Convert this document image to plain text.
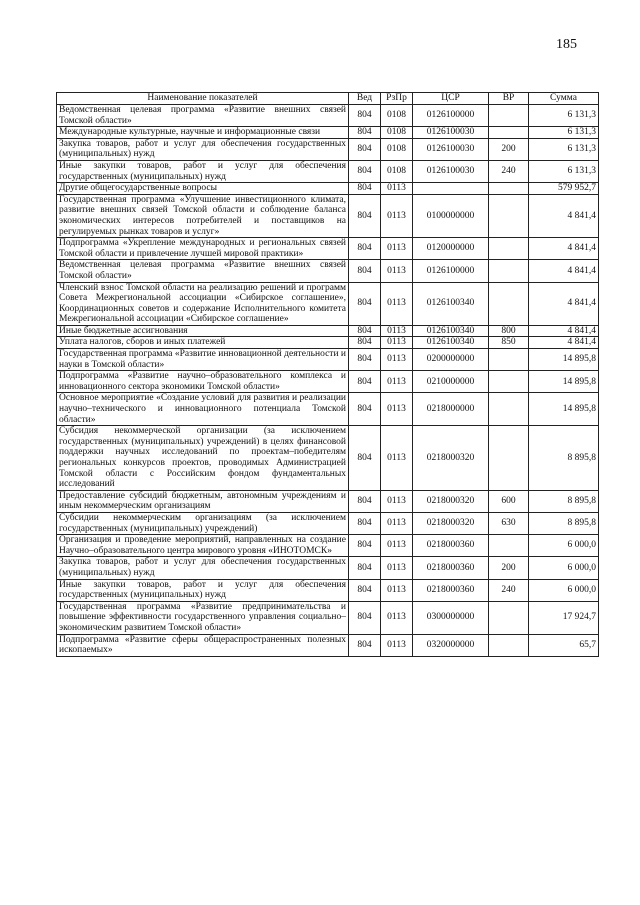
185
Наименование показателей	Вед	РзПр	ЦСР	ВР	Сумма
Ведомственная целевая программа «Развитие внешних связей Томской области»	804	0108	0126100000		6 131,3
Международные культурные, научные и информационные связи	804	0108	0126100030		6 131,3
Закупка товаров, работ и услуг для обеспечения государственных (муниципальных) нужд	804	0108	0126100030	200	6 131,3
Иные закупки товаров, работ и услуг для обеспечения государственных (муниципальных) нужд	804	0108	0126100030	240	6 131,3
Другие общегосударственные вопросы	804	0113			579 952,7
Государственная программа «Улучшение инвестиционного климата, развитие внешних связей Томской области и соблюдение баланса экономических интересов потребителей и поставщиков на регулируемых рынках товаров и услуг»	804	0113	0100000000		4 841,4
Подпрограмма «Укрепление международных и региональных связей Томской области и привлечение лучшей мировой практики»	804	0113	0120000000		4 841,4
Ведомственная целевая программа «Развитие внешних связей Томской области»	804	0113	0126100000		4 841,4
Членский взнос Томской области на реализацию решений и программ Совета Межрегиональной ассоциации «Сибирское соглашение», Координационных советов и содержание Исполнительного комитета Межрегиональной ассоциации «Сибирское соглашение»	804	0113	0126100340		4 841,4
Иные бюджетные ассигнования	804	0113	0126100340	800	4 841,4
Уплата налогов, сборов и иных платежей	804	0113	0126100340	850	4 841,4
Государственная программа «Развитие инновационной деятельности и науки в Томской области»	804	0113	0200000000		14 895,8
Подпрограмма «Развитие научно–образовательного комплекса и инновационного сектора экономики Томской области»	804	0113	0210000000		14 895,8
Основное мероприятие «Создание условий для развития и реализации научно–технического и инновационного потенциала Томской области»	804	0113	0218000000		14 895,8
Субсидия некоммерческой организации (за исключением государственных (муниципальных) учреждений) в целях финансовой поддержки научных исследований по проектам–победителям региональных конкурсов проектов, проводимых Администрацией Томской области с Российским фондом фундаментальных исследований	804	0113	0218000320		8 895,8
Предоставление субсидий бюджетным, автономным учреждениям и иным некоммерческим организациям	804	0113	0218000320	600	8 895,8
Субсидии некоммерческим организациям (за исключением государственных (муниципальных) учреждений)	804	0113	0218000320	630	8 895,8
Организация и проведение мероприятий, направленных на создание Научно–образовательного центра мирового уровня «ИНОТОМСК»	804	0113	0218000360		6 000,0
Закупка товаров, работ и услуг для обеспечения государственных (муниципальных) нужд	804	0113	0218000360	200	6 000,0
Иные закупки товаров, работ и услуг для обеспечения государственных (муниципальных) нужд	804	0113	0218000360	240	6 000,0
Государственная программа «Развитие предпринимательства и повышение эффективности государственного управления социально–экономическим развитием Томской области»	804	0113	0300000000		17 924,7
Подпрограмма «Развитие сферы общераспространенных полезных ископаемых»	804	0113	0320000000		65,7
